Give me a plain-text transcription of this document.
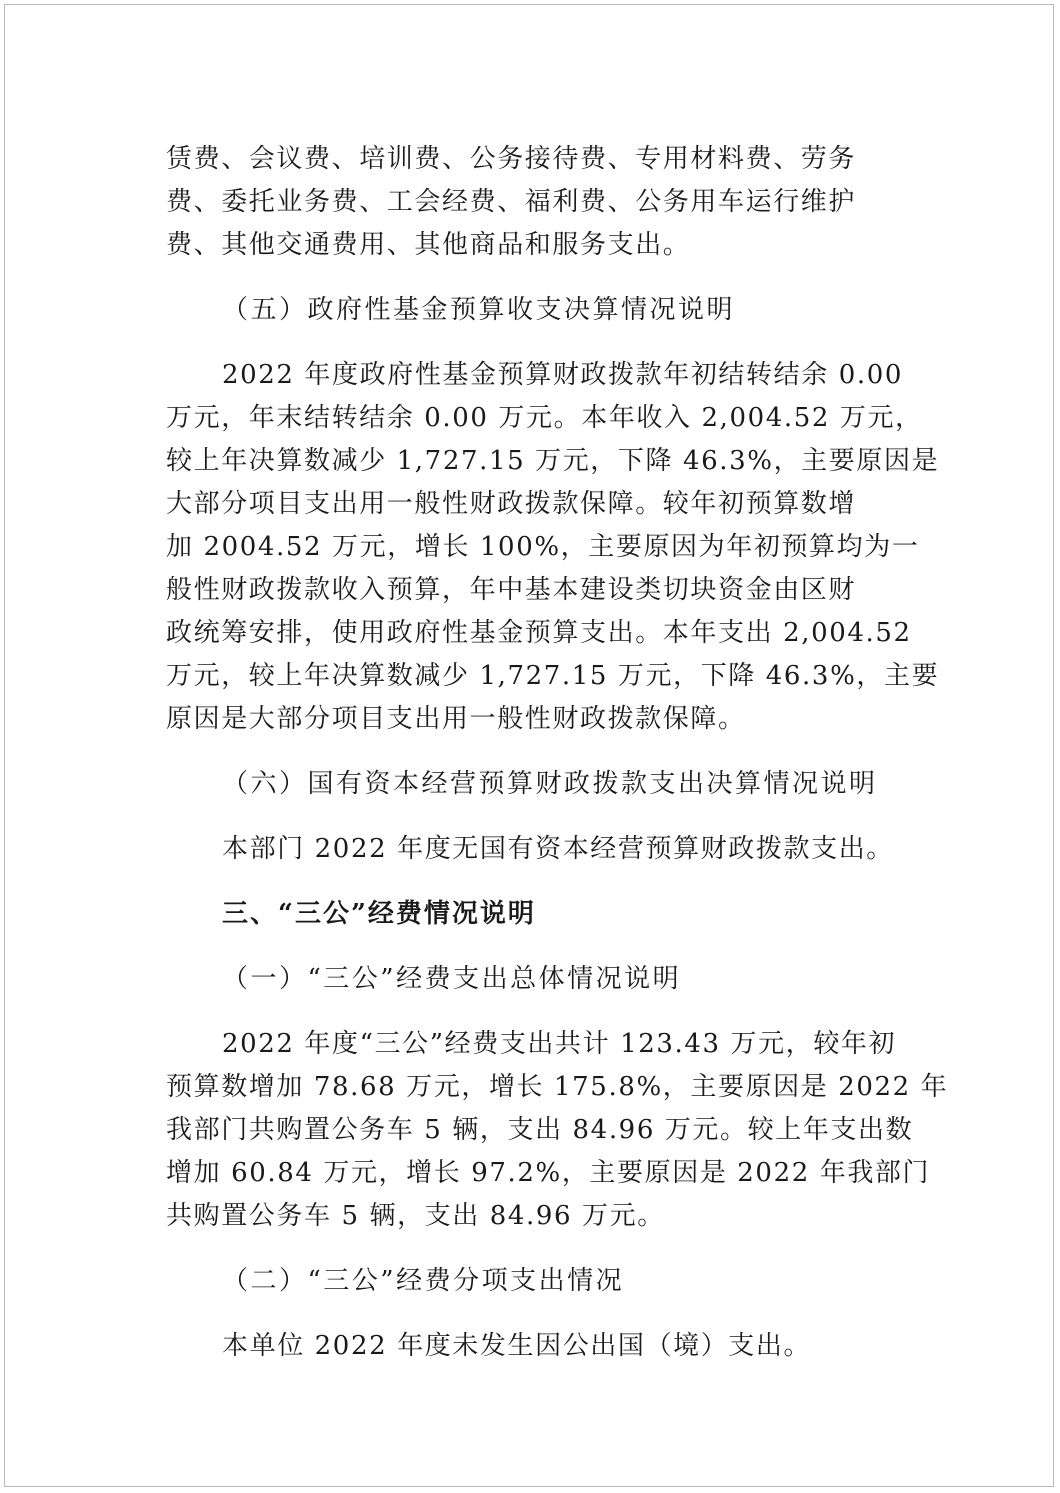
赁费、会议费、培训费、公务接待费、专用材料费、劳务
费、委托业务费、工会经费、福利费、公务用车运行维护
费、其他交通费用、其他商品和服务支出。
（五）政府性基金预算收支决算情况说明
2022 年度政府性基金预算财政拨款年初结转结余 0.00
万元，年末结转结余 0.00 万元。本年收入 2,004.52 万元，
较上年决算数减少 1,727.15 万元，下降 46.3%，主要原因是
大部分项目支出用一般性财政拨款保障。较年初预算数增
加 2004.52 万元，增长 100%，主要原因为年初预算均为一
般性财政拨款收入预算，年中基本建设类切块资金由区财
政统筹安排，使用政府性基金预算支出。本年支出 2,004.52
万元，较上年决算数减少 1,727.15 万元，下降 46.3%，主要
原因是大部分项目支出用一般性财政拨款保障。
（六）国有资本经营预算财政拨款支出决算情况说明
本部门 2022 年度无国有资本经营预算财政拨款支出。
三、“三公”经费情况说明
（一）“三公”经费支出总体情况说明
2022 年度“三公”经费支出共计 123.43 万元，较年初
预算数增加 78.68 万元，增长 175.8%，主要原因是 2022 年
我部门共购置公务车 5 辆，支出 84.96 万元。较上年支出数
增加 60.84 万元，增长 97.2%，主要原因是 2022 年我部门
共购置公务车 5 辆，支出 84.96 万元。
（二）“三公”经费分项支出情况
本单位 2022 年度未发生因公出国（境）支出。
